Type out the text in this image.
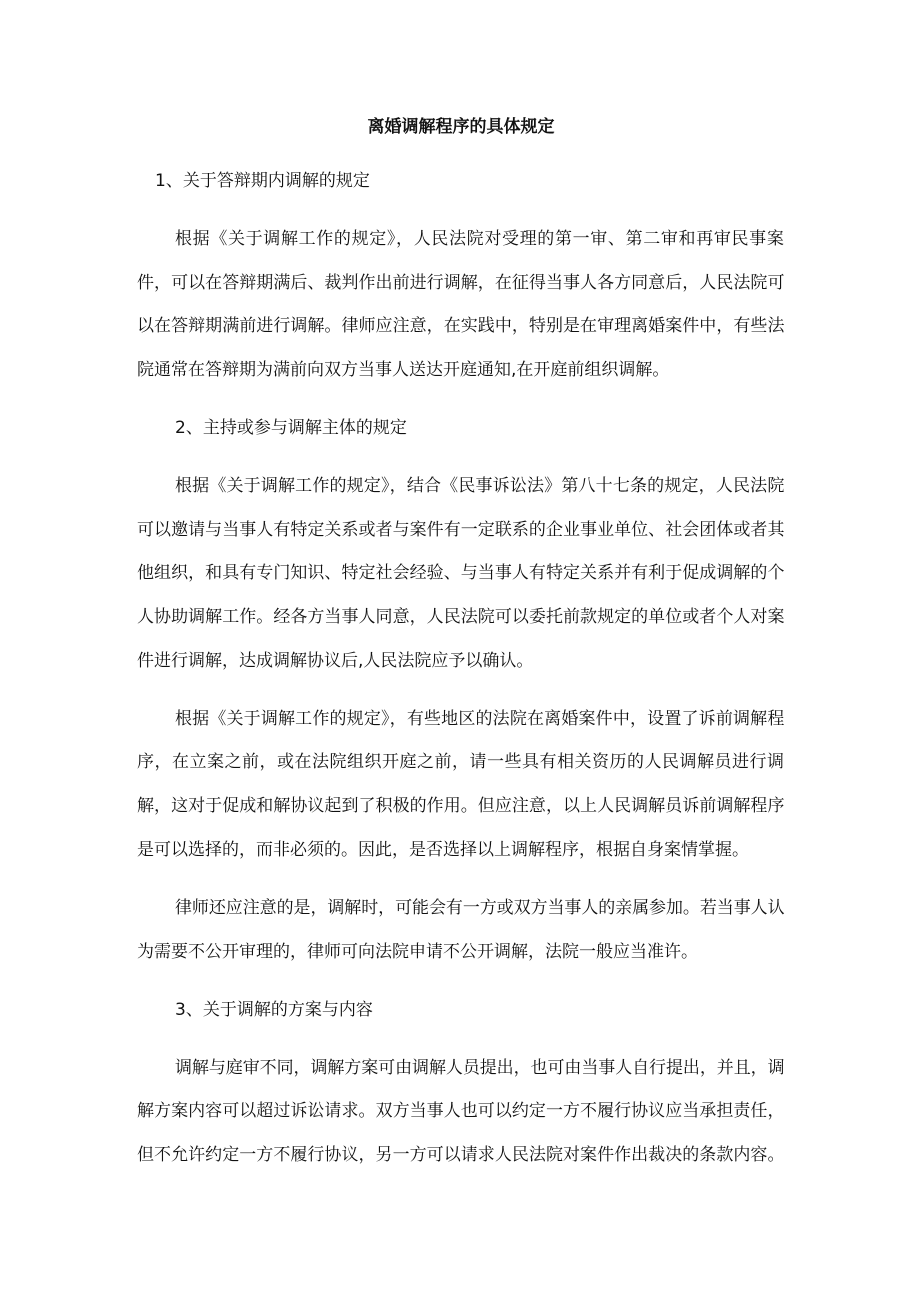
离婚调解程序的具体规定
1、关于答辩期内调解的规定
根据《关于调解工作的规定》，人民法院对受理的第一审、第二审和再审民事案
件，可以在答辩期满后、裁判作出前进行调解，在征得当事人各方同意后，人民法院可
以在答辩期满前进行调解。律师应注意，在实践中，特别是在审理离婚案件中，有些法
院通常在答辩期为满前向双方当事人送达开庭通知,在开庭前组织调解。
2、主持或参与调解主体的规定
根据《关于调解工作的规定》，结合《民事诉讼法》第八十七条的规定，人民法院
可以邀请与当事人有特定关系或者与案件有一定联系的企业事业单位、社会团体或者其
他组织，和具有专门知识、特定社会经验、与当事人有特定关系并有利于促成调解的个
人协助调解工作。经各方当事人同意，人民法院可以委托前款规定的单位或者个人对案
件进行调解，达成调解协议后,人民法院应予以确认。
根据《关于调解工作的规定》，有些地区的法院在离婚案件中，设置了诉前调解程
序，在立案之前，或在法院组织开庭之前，请一些具有相关资历的人民调解员进行调
解，这对于促成和解协议起到了积极的作用。但应注意，以上人民调解员诉前调解程序
是可以选择的，而非必须的。因此，是否选择以上调解程序，根据自身案情掌握。
律师还应注意的是，调解时，可能会有一方或双方当事人的亲属参加。若当事人认
为需要不公开审理的，律师可向法院申请不公开调解，法院一般应当准许。
3、关于调解的方案与内容
调解与庭审不同，调解方案可由调解人员提出，也可由当事人自行提出，并且，调
解方案内容可以超过诉讼请求。双方当事人也可以约定一方不履行协议应当承担责任，
但不允许约定一方不履行协议，另一方可以请求人民法院对案件作出裁决的条款内容。
